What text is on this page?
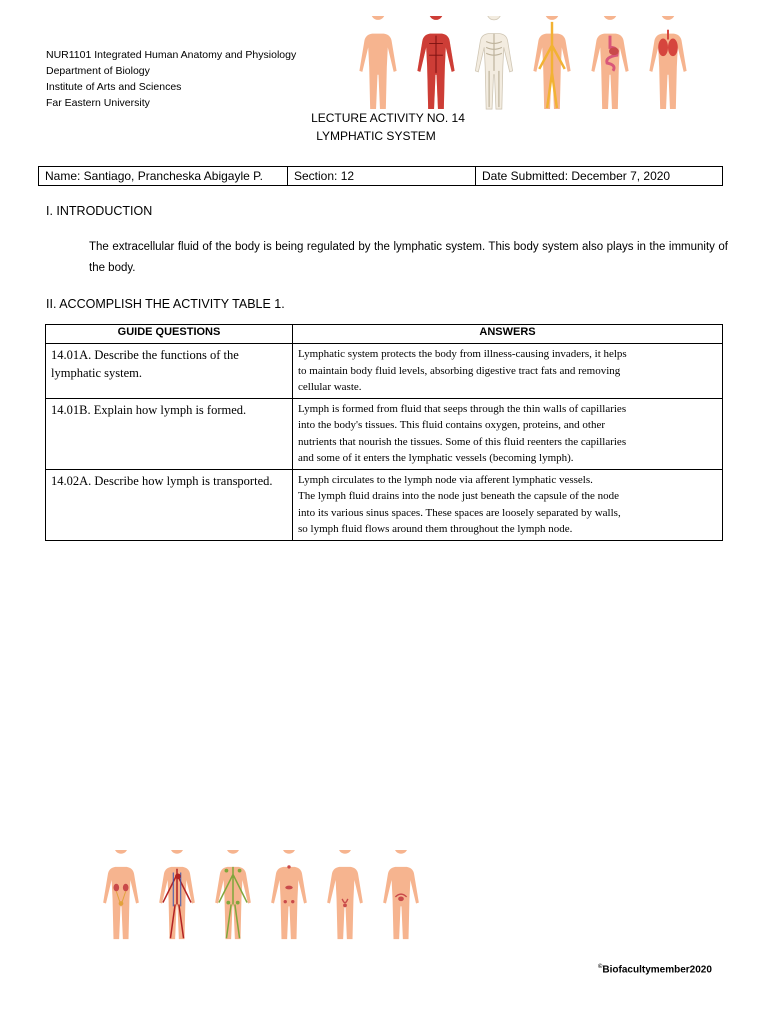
NUR1101 Integrated Human Anatomy and Physiology
Department of Biology
Institute of Arts and Sciences
Far Eastern University
LECTURE ACTIVITY NO. 14
LYMPHATIC SYSTEM
Name: Santiago, Prancheska Abigayle P.	Section: 12	Date Submitted: December 7, 2020
I. INTRODUCTION
The extracellular fluid of the body is being regulated by the lymphatic system. This body system also plays in the immunity of the body.
II. ACCOMPLISH THE ACTIVITY TABLE 1.
GUIDE QUESTIONS	ANSWERS
14.01A. Describe the functions of the lymphatic system.	Lymphatic system protects the body from illness-causing invaders, it helps
to maintain body fluid levels, absorbing digestive tract fats and removing
cellular waste.

14.01B. Explain how lymph is formed.	Lymph is formed from fluid that seeps through the thin walls of capillaries
into the body's tissues. This fluid contains oxygen, proteins, and other
nutrients that nourish the tissues. Some of this fluid reenters the capillaries
and some of it enters the lymphatic vessels (becoming lymph).

14.02A. Describe how lymph is transported.	Lymph circulates to the lymph node via afferent lymphatic vessels.
The lymph fluid drains into the node just beneath the capsule of the node
into its various sinus spaces. These spaces are loosely separated by walls,
so lymph fluid flows around them throughout the lymph node.
©Biofacultymember2020
